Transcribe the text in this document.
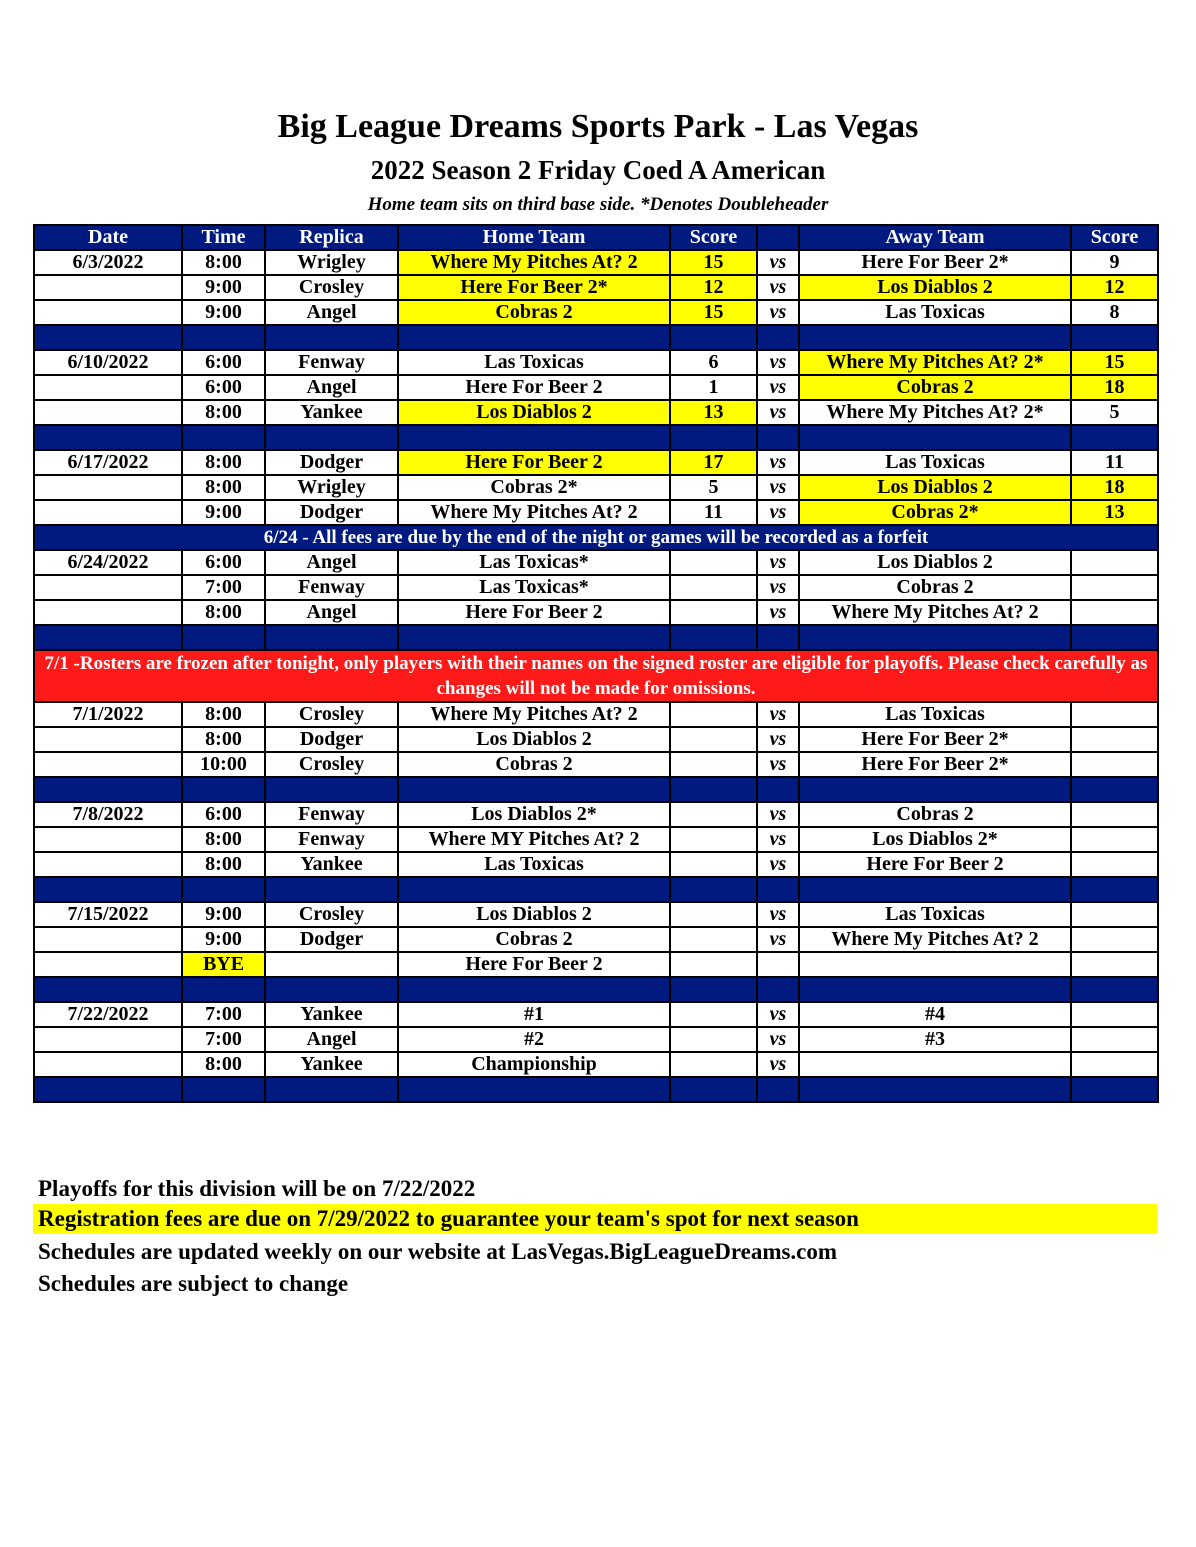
Big League Dreams Sports Park - Las Vegas
2022 Season 2 Friday Coed A American
Home team sits on third base side. *Denotes Doubleheader
Date	Time	Replica	Home Team	Score		Away Team	Score
6/3/2022	8:00	Wrigley	Where My Pitches At? 2	15	vs	Here For Beer 2*	9
	9:00	Crosley	Here For Beer 2*	12	vs	Los Diablos 2	12
	9:00	Angel	Cobras 2	15	vs	Las Toxicas	8

6/10/2022	6:00	Fenway	Las Toxicas	6	vs	Where My Pitches At? 2*	15
	6:00	Angel	Here For Beer 2	1	vs	Cobras 2	18
	8:00	Yankee	Los Diablos 2	13	vs	Where My Pitches At? 2*	5

6/17/2022	8:00	Dodger	Here For Beer 2	17	vs	Las Toxicas	11
	8:00	Wrigley	Cobras 2*	5	vs	Los Diablos 2	18
	9:00	Dodger	Where My Pitches At? 2	11	vs	Cobras 2*	13
6/24 - All fees are due by the end of the night or games will be recorded as a forfeit							
6/24/2022	6:00	Angel	Las Toxicas*		vs	Los Diablos 2	
	7:00	Fenway	Las Toxicas*		vs	Cobras 2	
	8:00	Angel	Here For Beer 2		vs	Where My Pitches At? 2	

7/1 -Rosters are frozen after tonight, only players with their names on the signed roster are eligible for playoffs. Please check carefully as changes will not be made for omissions.							
7/1/2022	8:00	Crosley	Where My Pitches At? 2		vs	Las Toxicas	
	8:00	Dodger	Los Diablos 2		vs	Here For Beer 2*	
	10:00	Crosley	Cobras 2		vs	Here For Beer 2*	

7/8/2022	6:00	Fenway	Los Diablos 2*		vs	Cobras 2	
	8:00	Fenway	Where MY Pitches At? 2		vs	Los Diablos 2*	
	8:00	Yankee	Las Toxicas		vs	Here For Beer 2	

7/15/2022	9:00	Crosley	Los Diablos 2		vs	Las Toxicas	
	9:00	Dodger	Cobras 2		vs	Where My Pitches At? 2	
	BYE		Here For Beer 2				

7/22/2022	7:00	Yankee	#1		vs	#4	
	7:00	Angel	#2		vs	#3	
	8:00	Yankee	Championship		vs		

Playoffs for this division will be on 7/22/2022
Registration fees are due on 7/29/2022 to guarantee your team's spot for next season
Schedules are updated weekly on our website at LasVegas.BigLeagueDreams.com
Schedules are subject to change
